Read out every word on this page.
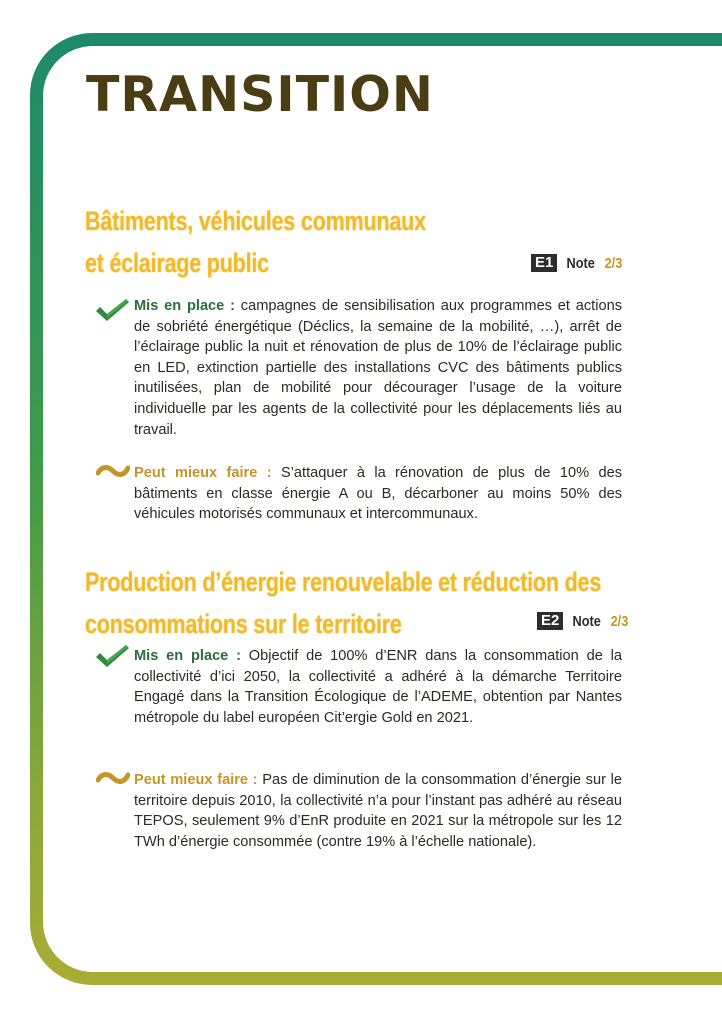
TRANSITION
Bâtiments, véhicules communaux
et éclairage public	E1 Note 2/3

Mis en place : campagnes de sensibilisation aux programmes et actions de sobriété énergétique (Déclics, la semaine de la mobilité, …), arrêt de l’éclairage public la nuit et rénovation de plus de 10% de l’éclairage public en LED, extinction partielle des installations CVC des bâtiments publics inutilisées, plan de mobilité pour décourager l’usage de la voiture individuelle par les agents de la collectivité pour les déplacements liés au travail.

Peut mieux faire : S’attaquer à la rénovation de plus de 10% des bâtiments en classe énergie A ou B, décarboner au moins 50% des véhicules motorisés communaux et intercommunaux.

Production d’énergie renouvelable et réduction des
consommations sur le territoire	E2 Note 2/3

Mis en place : Objectif de 100% d’ENR dans la consommation de la collectivité d’ici 2050, la collectivité a adhéré à la démarche Territoire Engagé dans la Transition Écologique de l’ADEME, obtention par Nantes métropole du label européen Cit’ergie Gold en 2021.

Peut mieux faire : Pas de diminution de la consommation d’énergie sur le territoire depuis 2010, la collectivité n’a pour l’instant pas adhéré au réseau TEPOS, seulement 9% d’EnR produite en 2021 sur la métropole sur les 12 TWh d’énergie consommée (contre 19% à l’échelle nationale).
